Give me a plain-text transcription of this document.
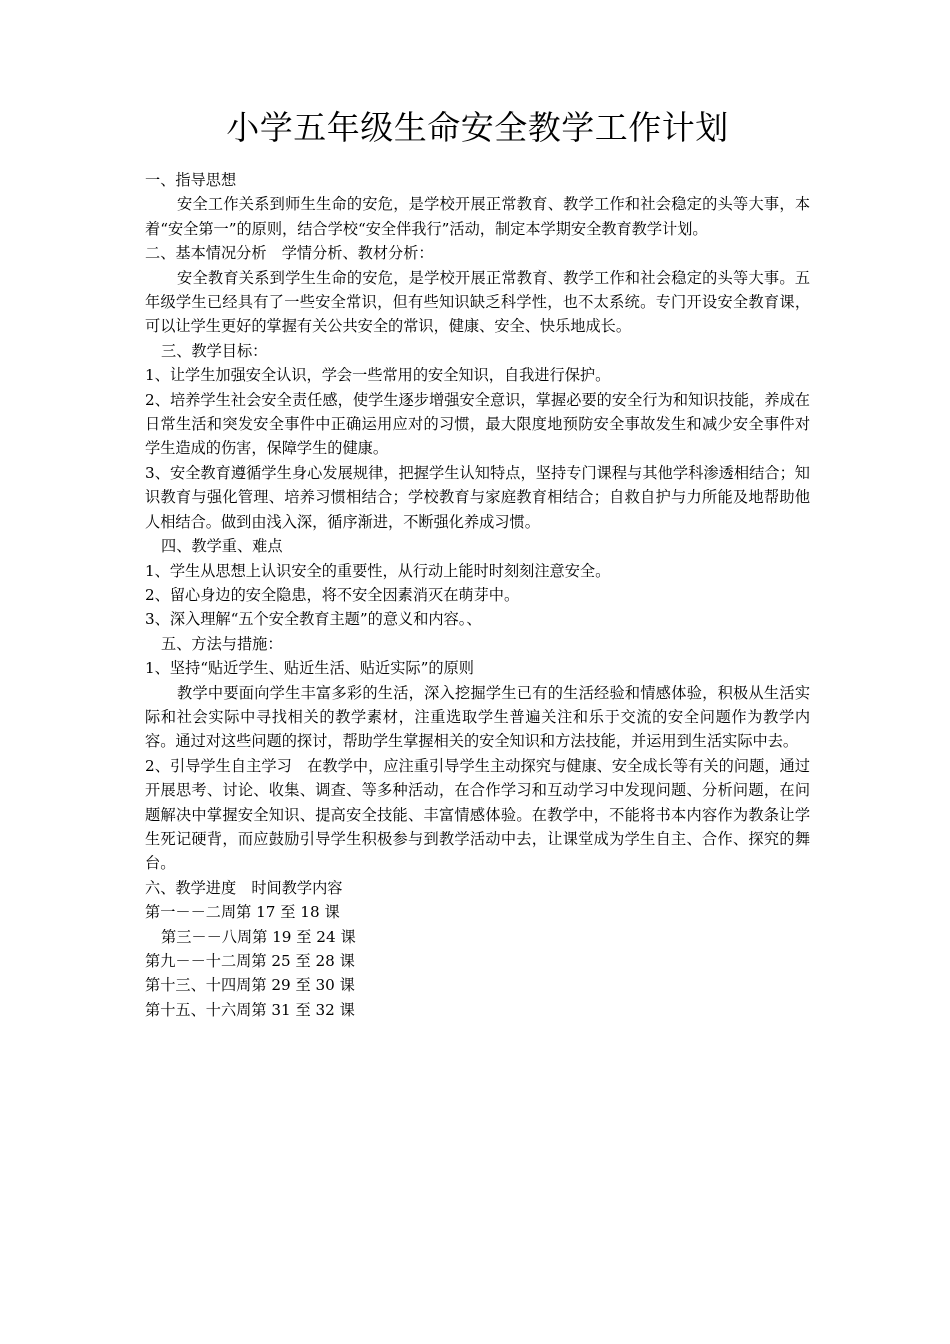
小学五年级生命安全教学工作计划

一、指导思想

安全工作关系到师生生命的安危，是学校开展正常教育、教学工作和社会稳定的头等大事，本着“安全第一”的原则，结合学校“安全伴我行”活动，制定本学期安全教育教学计划。

二、基本情况分析　学情分析、教材分析：

安全教育关系到学生生命的安危，是学校开展正常教育、教学工作和社会稳定的头等大事。五年级学生已经具有了一些安全常识，但有些知识缺乏科学性，也不太系统。专门开设安全教育课，可以让学生更好的掌握有关公共安全的常识，健康、安全、快乐地成长。

三、教学目标：

1、让学生加强安全认识，学会一些常用的安全知识，自我进行保护。

2、培养学生社会安全责任感，使学生逐步增强安全意识，掌握必要的安全行为和知识技能，养成在日常生活和突发安全事件中正确运用应对的习惯，最大限度地预防安全事故发生和减少安全事件对学生造成的伤害，保障学生的健康。

3、安全教育遵循学生身心发展规律，把握学生认知特点，坚持专门课程与其他学科渗透相结合；知识教育与强化管理、培养习惯相结合；学校教育与家庭教育相结合；自救自护与力所能及地帮助他人相结合。做到由浅入深，循序渐进，不断强化养成习惯。

四、教学重、难点

1、学生从思想上认识安全的重要性，从行动上能时时刻刻注意安全。

2、留心身边的安全隐患，将不安全因素消灭在萌芽中。

3、深入理解“五个安全教育主题”的意义和内容。、

五、方法与措施：

1、坚持“贴近学生、贴近生活、贴近实际”的原则

教学中要面向学生丰富多彩的生活，深入挖掘学生已有的生活经验和情感体验，积极从生活实际和社会实际中寻找相关的教学素材，注重选取学生普遍关注和乐于交流的安全问题作为教学内容。通过对这些问题的探讨，帮助学生掌握相关的安全知识和方法技能，并运用到生活实际中去。

2、引导学生自主学习　在教学中，应注重引导学生主动探究与健康、安全成长等有关的问题，通过开展思考、讨论、收集、调查、等多种活动，在合作学习和互动学习中发现问题、分析问题，在问题解决中掌握安全知识、提高安全技能、丰富情感体验。在教学中，不能将书本内容作为教条让学生死记硬背，而应鼓励引导学生积极参与到教学活动中去，让课堂成为学生自主、合作、探究的舞台。

六、教学进度　时间教学内容

第一－－二周第 17 至 18 课

第三－－八周第 19 至 24 课

第九－－十二周第 25 至 28 课

第十三、十四周第 29 至 30 课

第十五、十六周第 31 至 32 课
